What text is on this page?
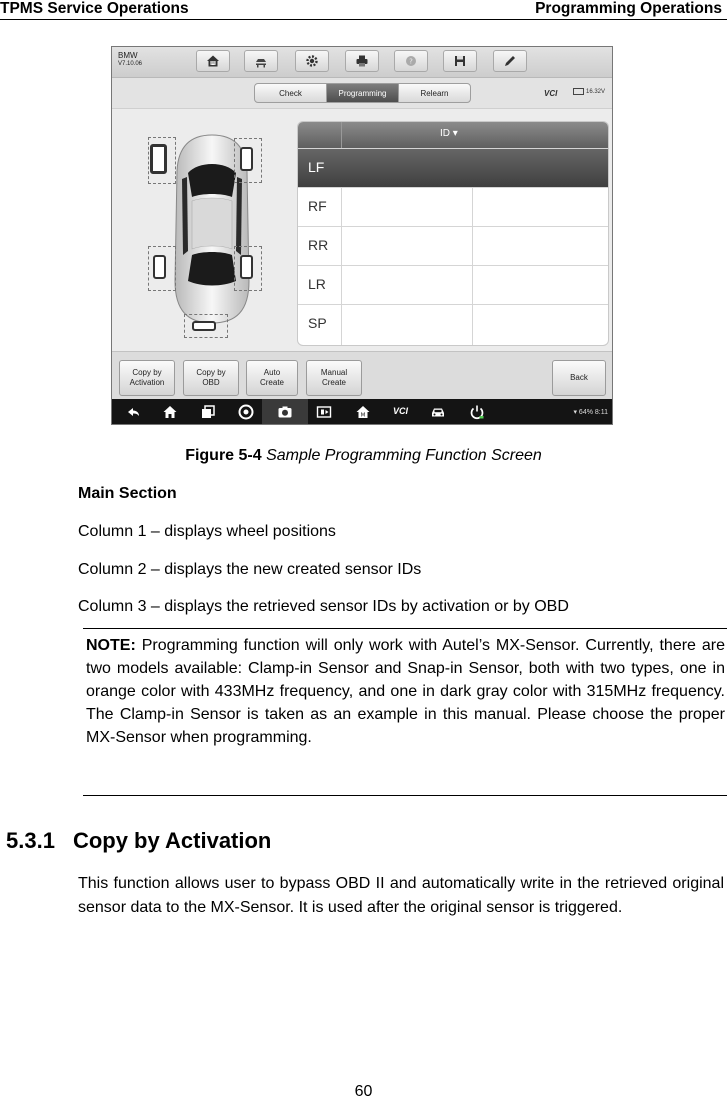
TPMS Service Operations	Programming Operations
BMW
V7.10.06	M	?
Check	Programming	Relearn	VCI	16.32V
ID ▾
LF
RF
RR
LR
SP
Copy by
Activation
Copy by
OBD
Auto
Create
Manual
Create
Back
M	VCI	▾ 64% 8:11
Figure 5-4 Sample Programming Function Screen
Main Section
Column 1 – displays wheel positions
Column 2 – displays the new created sensor IDs
Column 3 – displays the retrieved sensor IDs by activation or by OBD
NOTE: Programming function will only work with Autel’s MX-Sensor. Currently, there are two models available: Clamp-in Sensor and Snap-in Sensor, both with two types, one in orange color with 433MHz frequency, and one in dark gray color with 315MHz frequency. The Clamp-in Sensor is taken as an example in this manual. Please choose the proper MX-Sensor when programming.
5.3.1 Copy by Activation
This function allows user to bypass OBD II and automatically write in the retrieved original sensor data to the MX-Sensor. It is used after the original sensor is triggered.
60
